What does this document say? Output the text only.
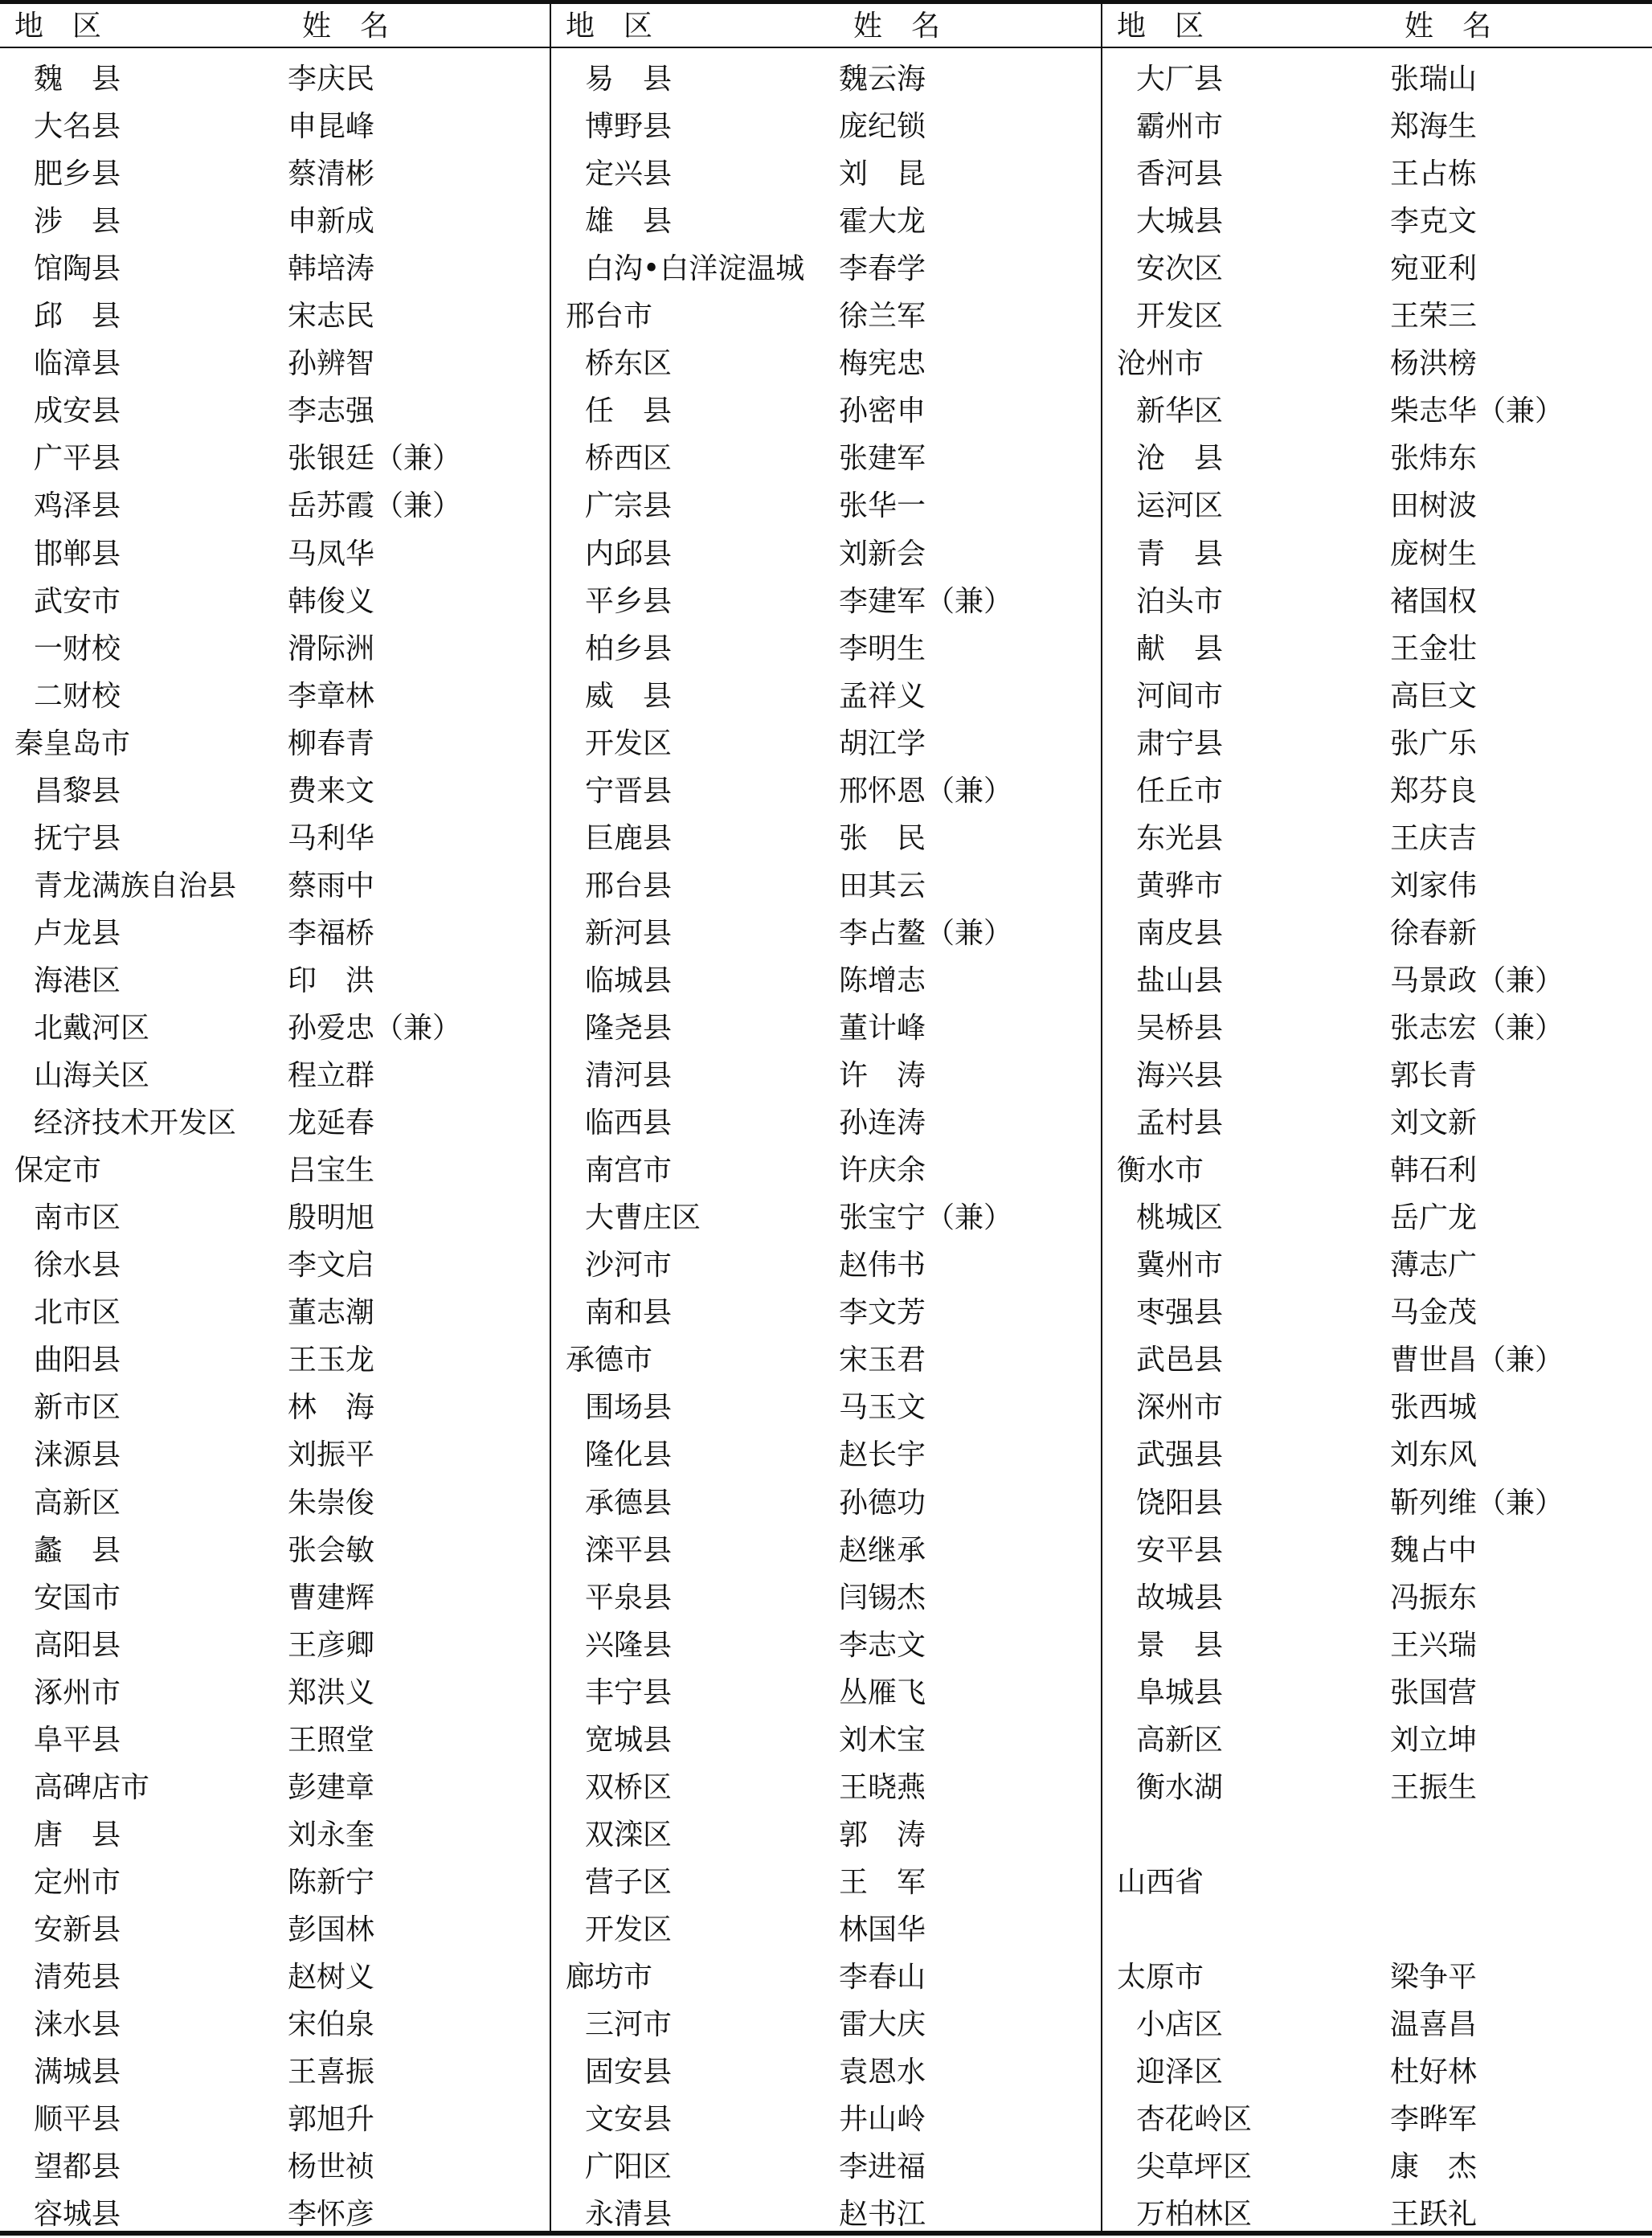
地　区	姓　名
魏　县	李庆民
大名县	申昆峰
肥乡县	蔡清彬
涉　县	申新成
馆陶县	韩培涛
邱　县	宋志民
临漳县	孙辨智
成安县	李志强
广平县	张银廷（兼）
鸡泽县	岳苏霞（兼）
邯郸县	马凤华
武安市	韩俊义
一财校	滑际洲
二财校	李章林
秦皇岛市	柳春青
昌黎县	费来文
抚宁县	马利华
青龙满族自治县 蔡雨中
卢龙县	李福桥
海港区	印　洪
北戴河区	孙爱忠（兼）
山海关区	程立群
经济技术开发区 龙延春
保定市	吕宝生
南市区	殷明旭
徐水县	李文启
北市区	董志潮
曲阳县	王玉龙
新市区	林　海
涞源县	刘振平
高新区	朱崇俊
蠡　县	张会敏
安国市	曹建辉
高阳县	王彦卿
涿州市	郑洪义
阜平县	王照堂
高碑店市	彭建章
唐　县	刘永奎
定州市	陈新宁
安新县	彭国林
清苑县	赵树义
涞水县	宋伯泉
满城县	王喜振
顺平县	郭旭升
望都县	杨世祯
容城县	李怀彦
地　区	姓　名
易　县	魏云海
博野县	庞纪锁
定兴县	刘　昆
雄　县	霍大龙
白沟•白洋淀温城 李春学
邢台市	徐兰军
桥东区	梅宪忠
任　县	孙密申
桥西区	张建军
广宗县	张华一
内邱县	刘新会
平乡县	李建军（兼）
柏乡县	李明生
威　县	孟祥义
开发区	胡江学
宁晋县	邢怀恩（兼）
巨鹿县	张　民
邢台县	田其云
新河县	李占鳌（兼）
临城县	陈增志
隆尧县	董计峰
清河县	许　涛
临西县	孙连涛
南宫市	许庆余
大曹庄区	张宝宁（兼）
沙河市	赵伟书
南和县	李文芳
承德市	宋玉君
围场县	马玉文
隆化县	赵长宇
承德县	孙德功
滦平县	赵继承
平泉县	闫锡杰
兴隆县	李志文
丰宁县	丛雁飞
宽城县	刘术宝
双桥区	王晓燕
双滦区	郭　涛
营子区	王　军
开发区	林国华
廊坊市	李春山
三河市	雷大庆
固安县	袁恩水
文安县	井山岭
广阳区	李进福
永清县	赵书江
地　区	姓　名
大厂县	张瑞山
霸州市	郑海生
香河县	王占栋
大城县	李克文
安次区	宛亚利
开发区	王荣三
沧州市	杨洪榜
新华区	柴志华（兼）
沧　县	张炜东
运河区	田树波
青　县	庞树生
泊头市	褚国权
献　县	王金壮
河间市	高巨文
肃宁县	张广乐
任丘市	郑芬良
东光县	王庆吉
黄骅市	刘家伟
南皮县	徐春新
盐山县	马景政（兼）
吴桥县	张志宏（兼）
海兴县	郭长青
孟村县	刘文新
衡水市	韩石利
桃城区	岳广龙
冀州市	薄志广
枣强县	马金茂
武邑县	曹世昌（兼）
深州市	张西城
武强县	刘东风
饶阳县	靳列维（兼）
安平县	魏占中
故城县	冯振东
景　县	王兴瑞
阜城县	张国营
高新区	刘立坤
衡水湖	王振生
山西省
太原市	梁争平
小店区	温喜昌
迎泽区	杜好林
杏花岭区	李晔军
尖草坪区	康　杰
万柏林区	王跃礼
